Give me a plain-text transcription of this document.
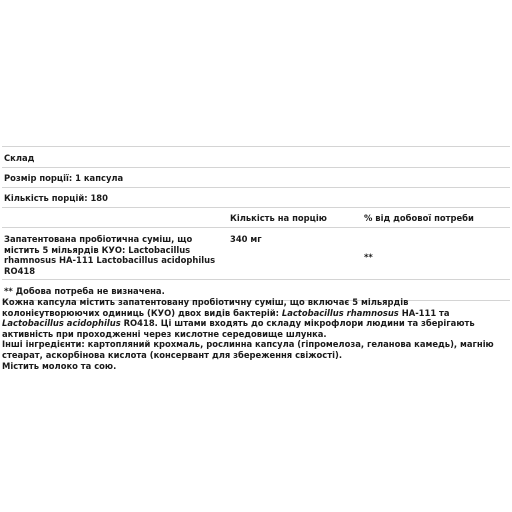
Склад
Розмір порції: 1 капсула
Кількість порцій: 180
Кількість на порцію	% від добової потреби
Запатентована пробіотична суміш, що містить 5 мільярдів КУО: Lactobacillus rhamnosus HA-111 Lactobacillus acidophilus RO418
340 мг
**
** Добова потреба не визначена.

Кожна капсула містить запатентовану пробіотичну суміш, що включає 5 мільярдів колонієутворюючих одиниць (КУО) двох видів бактерій: Lactobacillus rhamnosus HA-111 та Lactobacillus acidophilus RO418. Ці штами входять до складу мікрофлори людини та зберігають активність при проходженні через кислотне середовище шлунка.

Інші інгредієнти: картопляний крохмаль, рослинна капсула (гіпромелоза, геланова камедь), магнію стеарат, аскорбінова кислота (консервант для збереження свіжості).

Містить молоко та сою.
